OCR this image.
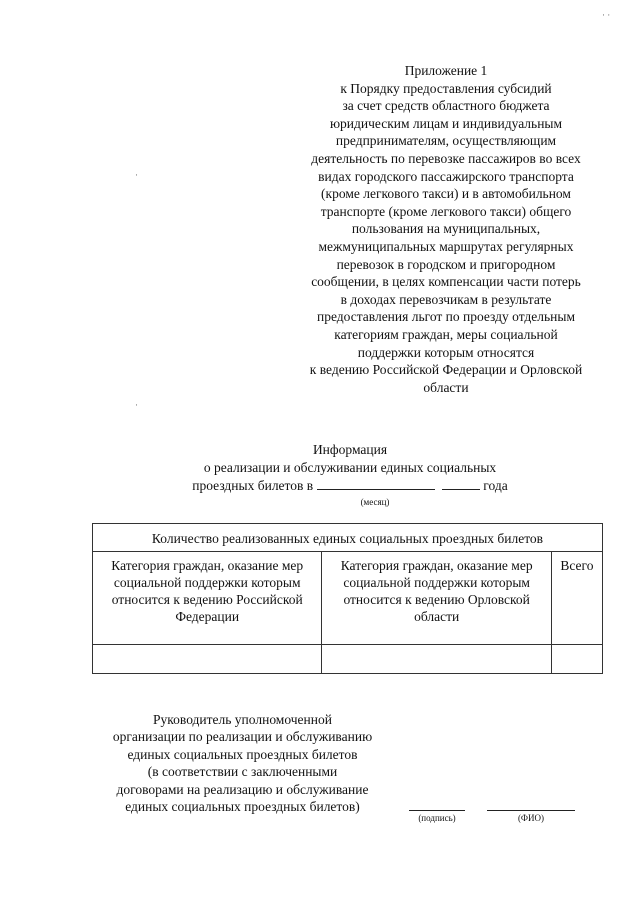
· ·
·
·
Приложение 1
к Порядку предоставления субсидий
за счет средств областного бюджета
юридическим лицам и индивидуальным
предпринимателям, осуществляющим
деятельность по перевозке пассажиров во всех
видах городского пассажирского транспорта
(кроме легкового такси) и в автомобильном
транспорте (кроме легкового такси) общего
пользования на муниципальных,
межмуниципальных маршрутах регулярных
перевозок в городском и пригородном
сообщении, в целях компенсации части потерь
в доходах перевозчикам в результате
предоставления льгот по проезду отдельным
категориям граждан, меры социальной
поддержки которым относятся
к ведению Российской Федерации и Орловской
области
Информация
о реализации и обслуживании единых социальных
проездных билетов в	года
(месяц)
Количество реализованных единых социальных проездных билетов		
Категория граждан, оказание мер социальной поддержки которым относится к ведению Российской Федерации	Категория граждан, оказание мер социальной поддержки которым относится к ведению Орловской области	Всего

Руководитель уполномоченной
организации по реализации и обслуживанию
единых социальных проездных билетов
(в соответствии с заключенными
договорами на реализацию и обслуживание
единых социальных проездных билетов)
(подпись)	(ФИО)
